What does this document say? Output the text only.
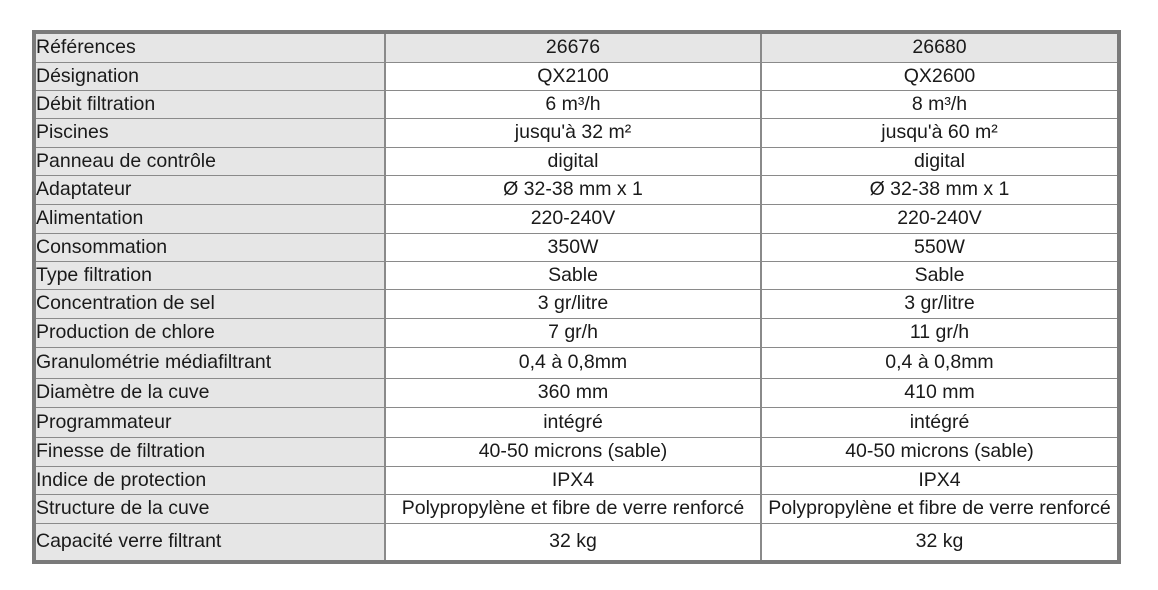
Références	26676	26680
Désignation	QX2100	QX2600
Débit filtration	6 m³/h	8 m³/h
Piscines	jusqu'à 32 m²	jusqu'à 60 m²
Panneau de contrôle	digital	digital
Adaptateur	Ø 32-38 mm x 1	Ø 32-38 mm x 1
Alimentation	220-240V	220-240V
Consommation	350W	550W
Type filtration	Sable	Sable
Concentration de sel	3 gr/litre	3 gr/litre
Production de chlore	7 gr/h	11 gr/h
Granulométrie médiafiltrant	0,4 à 0,8mm	0,4 à 0,8mm
Diamètre de la cuve	360 mm	410 mm
Programmateur	intégré	intégré
Finesse de filtration	40-50 microns (sable)	40-50 microns (sable)
Indice de protection	IPX4	IPX4
Structure de la cuve	Polypropylène et fibre de verre renforcé	Polypropylène et fibre de verre renforcé
Capacité verre filtrant	32 kg	32 kg
